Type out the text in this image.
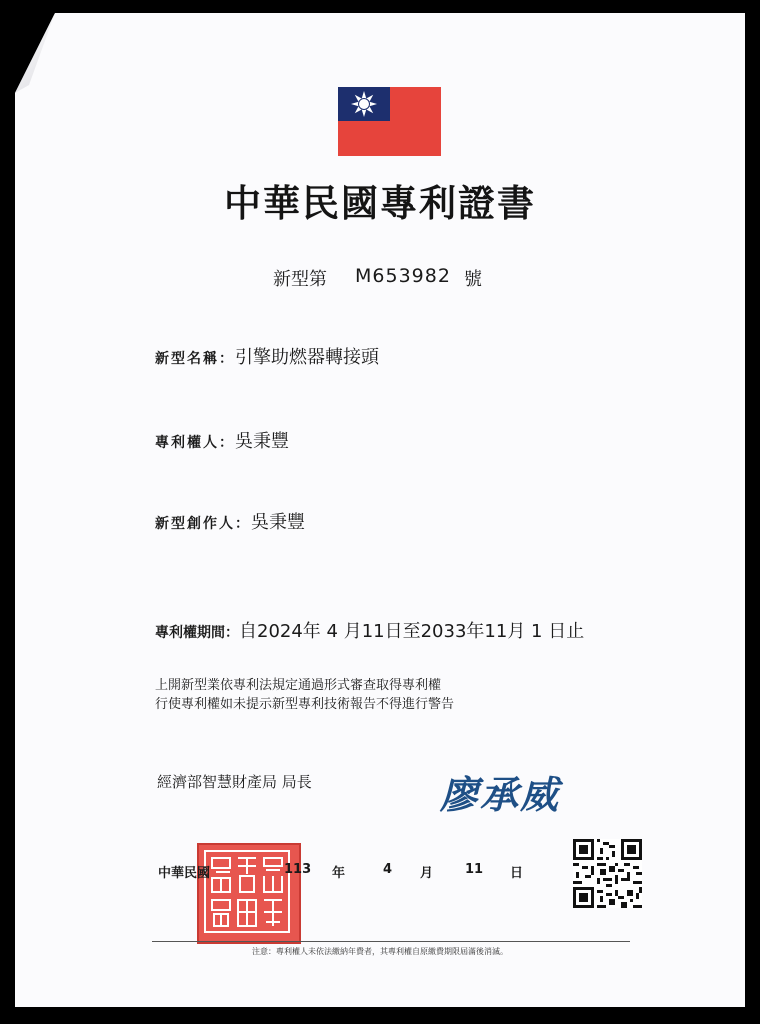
中華民國專利證書
新型第 M653982 號
新型名稱：引擎助燃器轉接頭
專利權人：吳秉豐
新型創作人：吳秉豐
專利權期間：自2024年 4 月11日至2033年11月 1 日止
上開新型業依專利法規定通過形式審查取得專利權
行使專利權如未提示新型專利技術報告不得進行警告
經濟部智慧財產局 局長	廖承威
中華民國	113 年	4 月 11 日
注意：專利權人未依法繳納年費者，其專利權自原繳費期限屆滿後消滅。
